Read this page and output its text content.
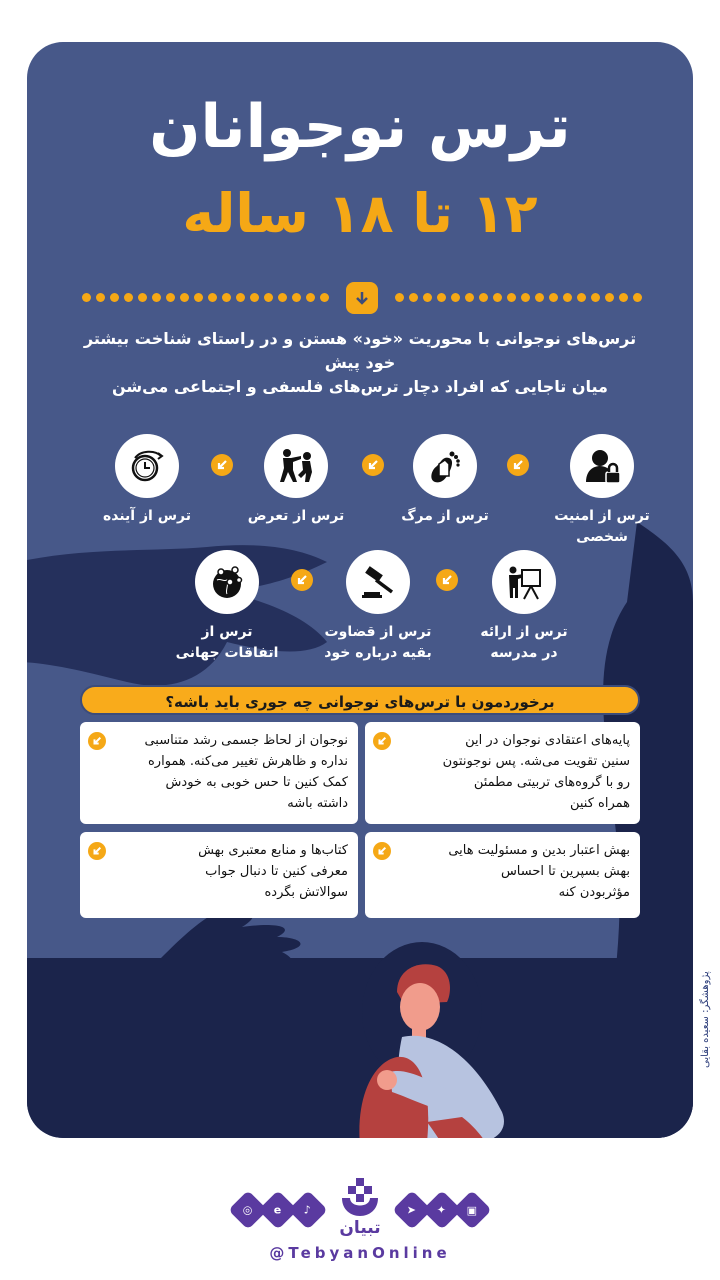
ترس نوجوانان
۱۲ تا ۱۸ ساله
ترس‌های نوجوانی با محوریت «خود» هستن و در راستای شناخت بیشتر خود پیش
میان تاجایی که افراد دچار ترس‌های فلسفی و اجتماعی می‌شن
ترس از امنیت شخصی
ترس از مرگ
ترس از تعرض
ترس از آینده
ترس از ارائه
در مدرسه
ترس از قضاوت
بقیه درباره خود
ترس از
اتفاقات جهانی
برخوردمون با ترس‌های نوجوانی چه جوری باید باشه؟
پایه‌های اعتقادی نوجوان در این
سنین تقویت می‌شه. پس نوجونتون
رو با گروه‌های تربیتی مطمئن
همراه کنین
نوجوان از لحاظ جسمی رشد متناسبی
نداره و ظاهرش تغییر می‌کنه. همواره
کمک کنین تا حس خوبی به خودش
داشته باشه
بهش اعتبار بدین و مسئولیت هایی
بهش بسپرین تا احساس
مؤثربودن کنه
کتاب‌ها و منابع معتبری بهش
معرفی کنین تا دنبال جواب
سوالاتش بگرده
پژوهشگر: سعیده بقایی
◎ e ♪	➤ ✦ ▣
تبیان
@TebyanOnline
